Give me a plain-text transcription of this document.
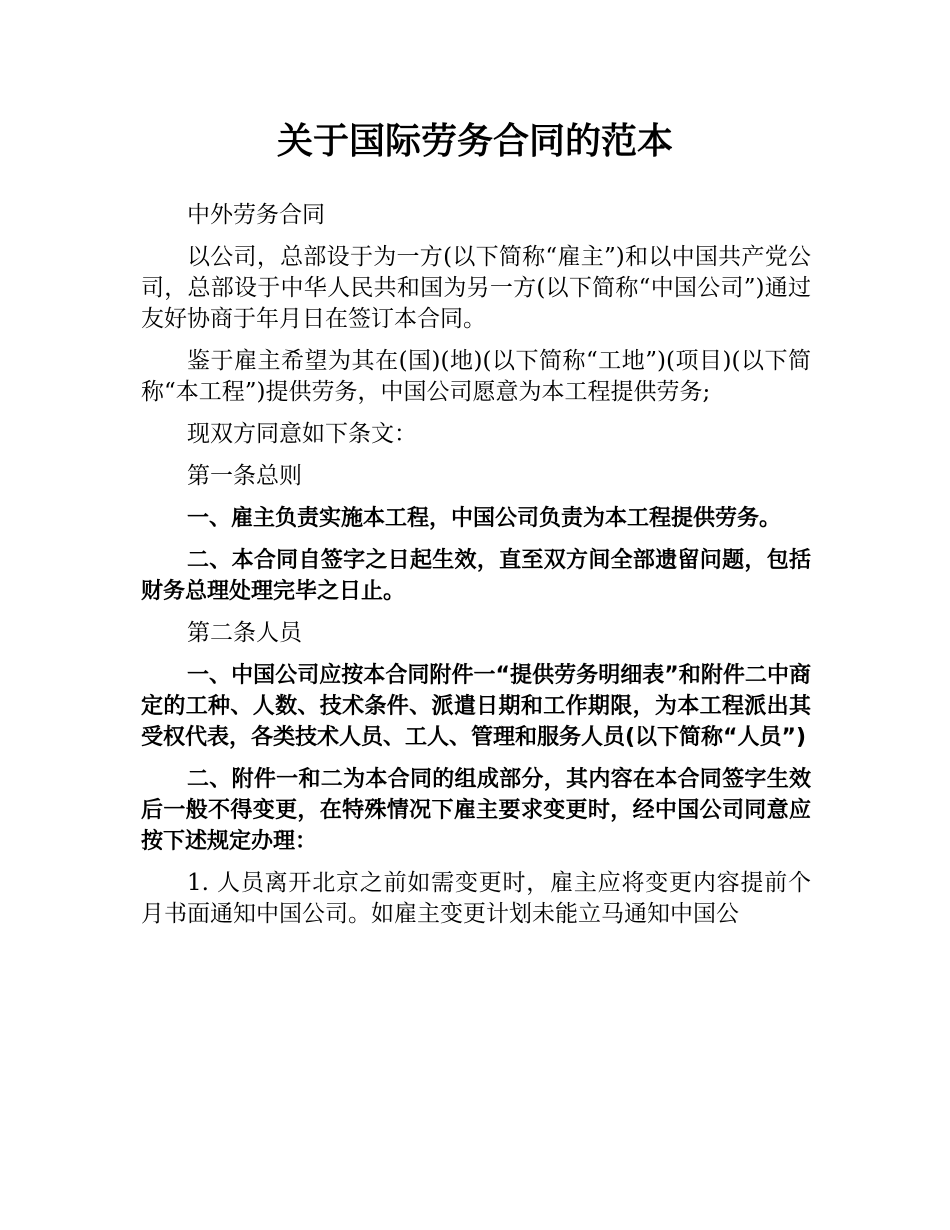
关于国际劳务合同的范本

中外劳务合同

以公司，总部设于为一方(以下简称“雇主”)和以中国共产党公司，总部设于中华人民共和国为另一方(以下简称“中国公司”)通过友好协商于年月日在签订本合同。

鉴于雇主希望为其在(国)(地)(以下简称“工地”)(项目)(以下简称“本工程”)提供劳务，中国公司愿意为本工程提供劳务;

现双方同意如下条文：

第一条总则

一、雇主负责实施本工程，中国公司负责为本工程提供劳务。

二、本合同自签字之日起生效，直至双方间全部遗留问题，包括财务总理处理完毕之日止。

第二条人员

一、中国公司应按本合同附件一“提供劳务明细表”和附件二中商定的工种、人数、技术条件、派遣日期和工作期限，为本工程派出其受权代表，各类技术人员、工人、管理和服务人员(以下简称“人员”)

二、附件一和二为本合同的组成部分，其内容在本合同签字生效后一般不得变更，在特殊情况下雇主要求变更时，经中国公司同意应按下述规定办理：

1. 人员离开北京之前如需变更时，雇主应将变更内容提前个月书面通知中国公司。如雇主变更计划未能立马通知中国公
